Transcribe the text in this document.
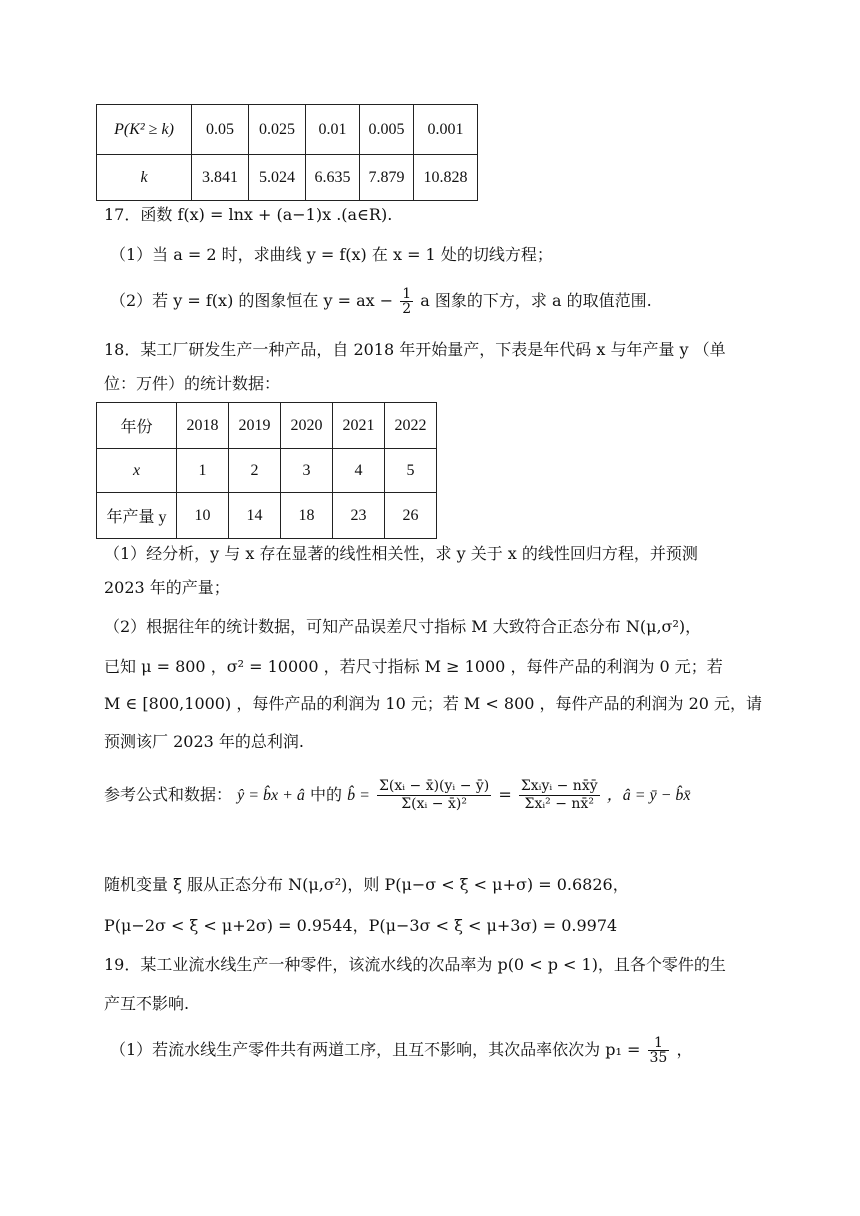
P(K² ≥ k)	0.05	0.025	0.01	0.005	0.001
k	3.841	5.024	6.635	7.879	10.828
17．函数 f(x) = lnx + (a−1)x .(a∈R).
（1）当 a = 2 时，求曲线 y = f(x) 在 x = 1 处的切线方程；
（2）若 y = f(x) 的图象恒在 y = ax − $\frac{1}{2}$ a 图象的下方，求 a 的取值范围.
18．某工厂研发生产一种产品，自 2018 年开始量产，下表是年代码 x 与年产量 y （单
位：万件）的统计数据：
年份	2018	2019	2020	2021	2022
x	1	2	3	4	5
年产量 y	10	14	18	23	26
（1）经分析，y 与 x 存在显著的线性相关性，求 y 关于 x 的线性回归方程，并预测
2023 年的产量；
（2）根据往年的统计数据，可知产品误差尺寸指标 M 大致符合正态分布 N(μ,σ²)，
已知 μ = 800 ，σ² = 10000 ，若尺寸指标 M ≥ 1000 ，每件产品的利润为 0 元；若
M ∈ [800,1000) ，每件产品的利润为 10 元；若 M < 800 ，每件产品的利润为 20 元，请
预测该厂 2023 年的总利润.
参考公式和数据： ŷ = b̂x + â 中的 b̂ = $\frac{\text{Σ(xᵢ − x̄)(yᵢ − ȳ)}}{\text{Σ(xᵢ − x̄)²}} = \frac{\text{Σxᵢyᵢ − nx̄ȳ}}{\text{Σxᵢ² − nx̄²}}$ ，â = ȳ − b̂x̄
随机变量 ξ 服从正态分布 N(μ,σ²)，则 P(μ−σ < ξ < μ+σ) = 0.6826，
P(μ−2σ < ξ < μ+2σ) = 0.9544，P(μ−3σ < ξ < μ+3σ) = 0.9974
19．某工业流水线生产一种零件，该流水线的次品率为 p(0 < p < 1)，且各个零件的生
产互不影响.
（1）若流水线生产零件共有两道工序，且互不影响，其次品率依次为 $p_1 = \frac{1}{35}$ ，
